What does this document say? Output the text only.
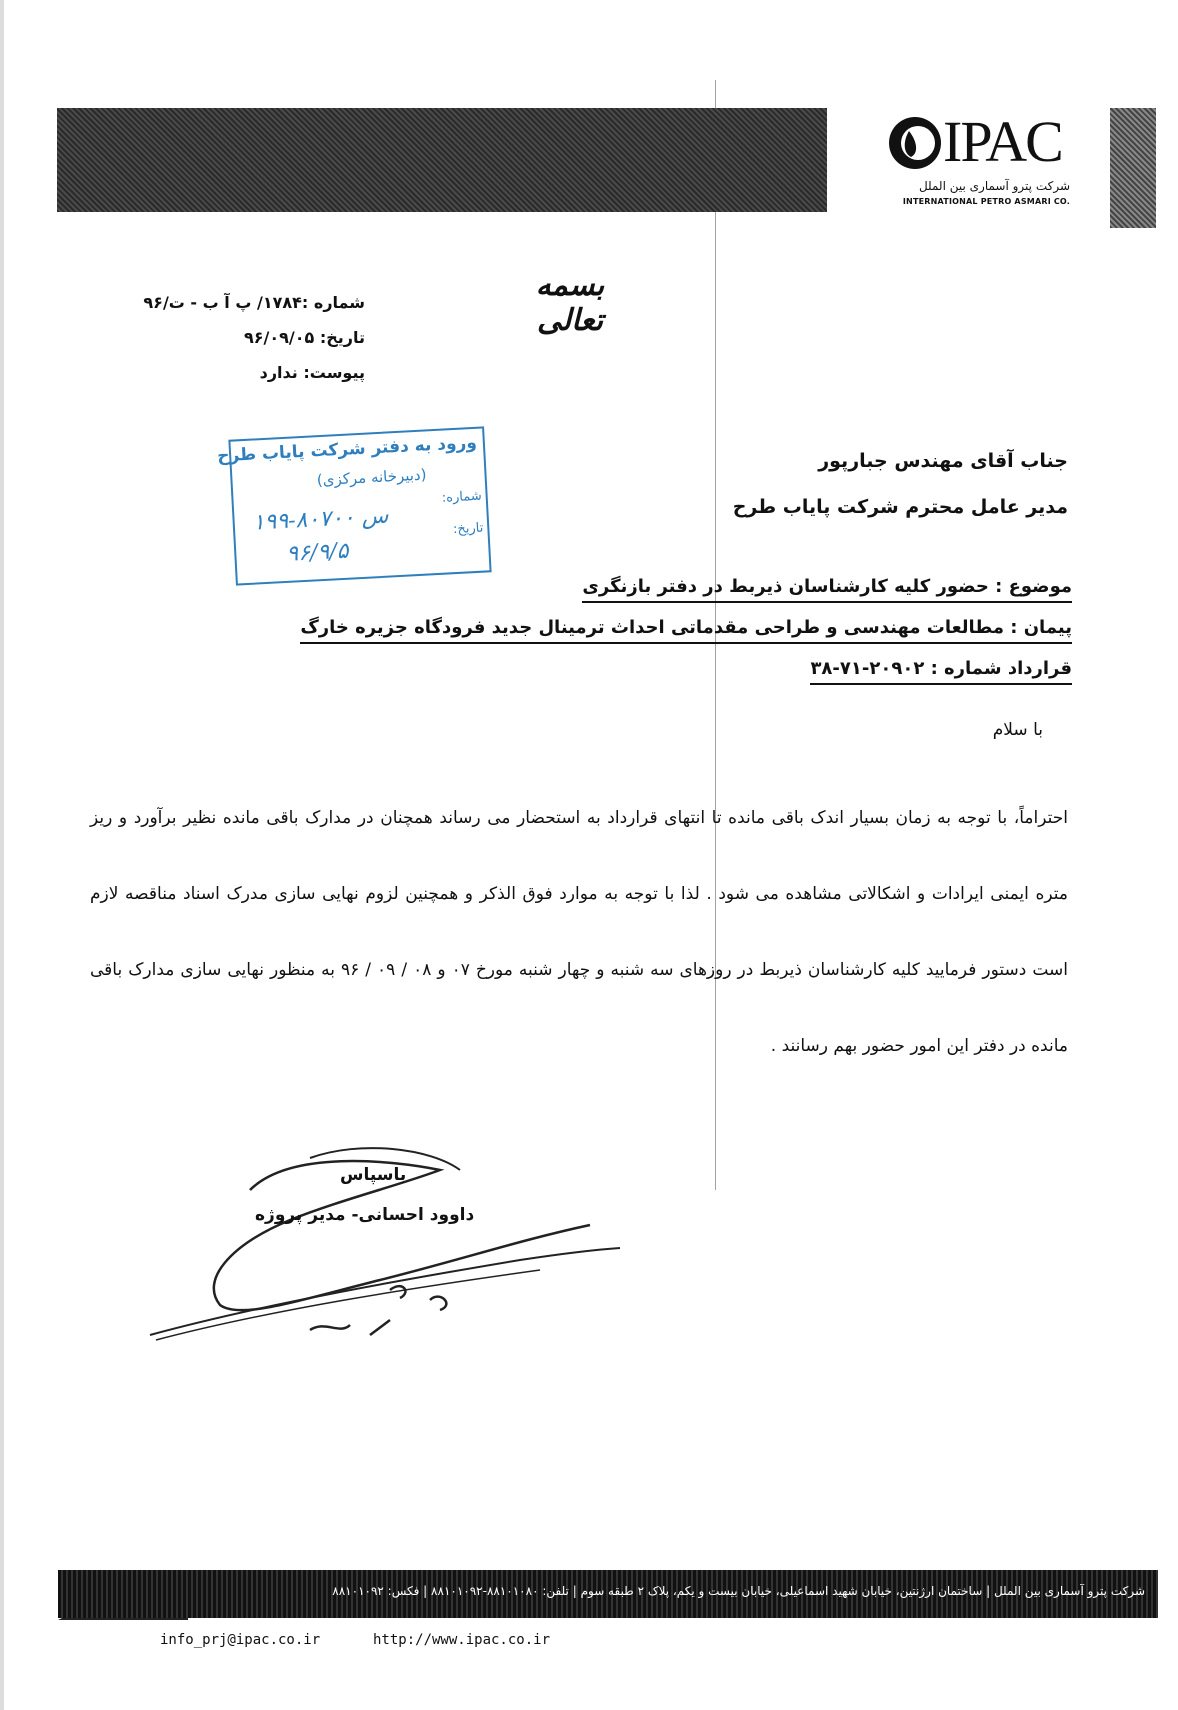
IPAC
شرکت پترو آسماری بین الملل
INTERNATIONAL PETRO ASMARI CO.
بسمه تعالی
شماره :۱۷۸۴/ پ آ ب - ت/۹۶
تاریخ: ۹۶/۰۹/۰۵
پیوست: ندارد
ورود به دفتر شرکت پایاب طرح
(دبیرخانه مرکزی)
شماره:
تاریخ:
۱۹۹-۸۰۷۰۰ س
۹۶/۹/۵
جناب آقای مهندس جبارپور
مدیر عامل محترم شرکت پایاب طرح
موضوع : حضور کلیه کارشناسان ذیربط در دفتر بازنگری
پیمان : مطالعات مهندسی و طراحی مقدماتی احداث ترمینال جدید فرودگاه جزیره خارگ
قرارداد شماره : ۲۰۹۰۲-۷۱-۳۸
با سلام

احتراماً، با توجه به زمان بسیار اندک باقی مانده تا انتهای قرارداد به استحضار می رساند همچنان در مدارک باقی مانده نظیر برآورد و ریز متره ایمنی ایرادات و اشکالاتی مشاهده می شود . لذا با توجه به موارد فوق الذکر و همچنین لزوم نهایی سازی مدرک اسناد مناقصه لازم است دستور فرمایید کلیه کارشناسان ذیربط در روزهای سه شنبه و چهار شنبه مورخ ۰۷ و ۰۸ / ۰۹ / ۹۶ به منظور نهایی سازی مدارک باقی مانده در دفتر این امور حضور بهم رسانند .

باسپاس
داوود احسانی- مدیر پروژه
شرکت پترو آسماری بین الملل | ساختمان ارژنتین، خیابان شهید اسماعیلی، خیابان بیست و یکم، پلاک ۲ طبقه سوم | تلفن: ۸۸۱۰۱۰۸۰-۸۸۱۰۱۰۹۲ | فکس: ۸۸۱۰۱۰۹۲
info_prj@ipac.co.ir	http://www.ipac.co.ir
